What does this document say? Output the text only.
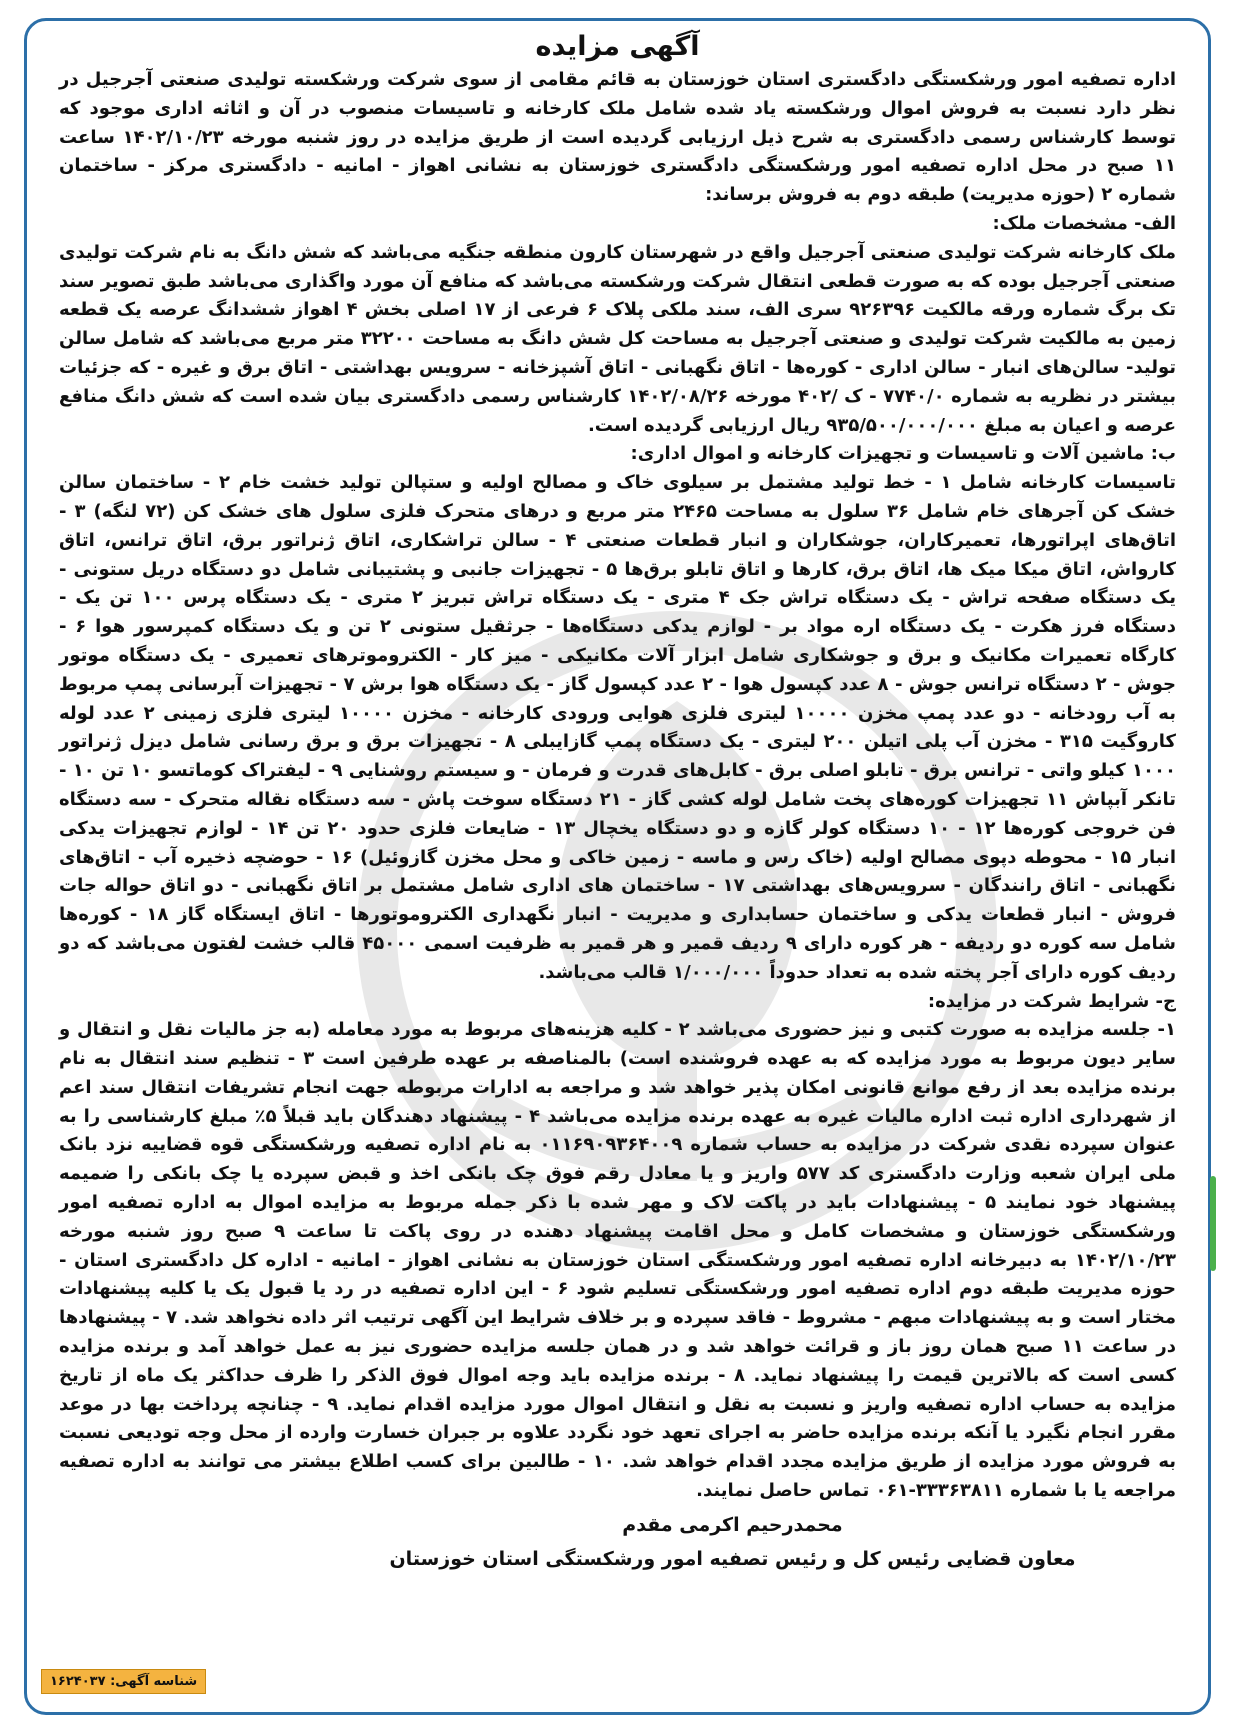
آگهی مزایده

اداره تصفیه امور ورشکستگی دادگستری استان خوزستان به قائم مقامی از سوی شرکت ورشکسته تولیدی صنعتی آجرجیل در نظر دارد نسبت به فروش اموال ورشکسته یاد شده شامل ملک کارخانه و تاسیسات منصوب در آن و اثاثه اداری موجود که توسط کارشناس رسمی دادگستری به شرح ذیل ارزیابی گردیده است از طریق مزایده در روز شنبه مورخه ۱۴۰۲/۱۰/۲۳ ساعت ۱۱ صبح در محل اداره تصفیه امور ورشکستگی دادگستری خوزستان به نشانی اهواز - امانیه - دادگستری مرکز - ساختمان شماره ۲ (حوزه مدیریت) طبقه دوم به فروش برساند:

الف- مشخصات ملک:

ملک کارخانه شرکت تولیدی صنعتی آجرجیل واقع در شهرستان کارون منطقه جنگیه می‌باشد که شش دانگ به نام شرکت تولیدی صنعتی آجرجیل بوده که به صورت قطعی انتقال شرکت ورشکسته می‌باشد که منافع آن مورد واگذاری می‌باشد طبق تصویر سند تک برگ شماره ورقه مالکیت ۹۲۶۳۹۶ سری الف، سند ملکی پلاک ۶ فرعی از ۱۷ اصلی بخش ۴ اهواز ششدانگ عرصه یک قطعه زمین به مالکیت شرکت تولیدی و صنعتی آجرجیل به مساحت کل شش دانگ به مساحت ۳۲۲۰۰ متر مربع می‌باشد که شامل سالن تولید- سالن‌های انبار - سالن اداری - کوره‌ها - اتاق نگهبانی - اتاق آشپزخانه - سرویس بهداشتی - اتاق برق و غیره - که جزئیات بیشتر در نظریه به شماره ۷۷۴۰/۰ - ک /۴۰۲ مورخه ۱۴۰۲/۰۸/۲۶ کارشناس رسمی دادگستری بیان شده است که شش دانگ منافع عرصه و اعیان به مبلغ ۹۳۵/۵۰۰/۰۰۰/۰۰۰ ریال ارزیابی گردیده است.

ب: ماشین آلات و تاسیسات و تجهیزات کارخانه و اموال اداری:

تاسیسات کارخانه شامل ۱ - خط تولید مشتمل بر سیلوی خاک و مصالح اولیه و ستپالن تولید خشت خام ۲ - ساختمان سالن خشک کن آجرهای خام شامل ۳۶ سلول به مساحت ۲۴۶۵ متر مربع و درهای متحرک فلزی سلول های خشک کن (۷۲ لنگه) ۳ - اتاق‌های اپراتورها، تعمیرکاران، جوشکاران و انبار قطعات صنعتی ۴ - سالن تراشکاری، اتاق ژنراتور برق، اتاق ترانس، اتاق کارواش، اتاق میکا میک ها، اتاق برق، کارها و اتاق تابلو برق‌ها ۵ - تجهیزات جانبی و پشتیبانی شامل دو دستگاه دریل ستونی - یک دستگاه صفحه تراش - یک دستگاه تراش جک ۴ متری - یک دستگاه تراش تبریز ۲ متری - یک دستگاه پرس ۱۰۰ تن یک - دستگاه فرز هکرت - یک دستگاه اره مواد بر - لوازم یدکی دستگاه‌ها - جرثقیل ستونی ۲ تن و یک دستگاه کمپرسور هوا ۶ - کارگاه تعمیرات مکانیک و برق و جوشکاری شامل ابزار آلات مکانیکی - میز کار - الکتروموترهای تعمیری - یک دستگاه موتور جوش - ۲ دستگاه ترانس جوش - ۸ عدد کپسول هوا - ۲ عدد کپسول گاز - یک دستگاه هوا برش ۷ - تجهیزات آبرسانی پمپ مربوط به آب رودخانه - دو عدد پمپ مخزن ۱۰۰۰۰ لیتری فلزی هوایی ورودی کارخانه - مخزن ۱۰۰۰۰ لیتری فلزی زمینی ۲ عدد لوله کاروگیت ۳۱۵ - مخزن آب پلی اتیلن ۲۰۰ لیتری - یک دستگاه پمپ گازایبلی ۸ - تجهیزات برق و برق رسانی شامل دیزل ژنراتور ۱۰۰۰ کیلو واتی - ترانس برق - تابلو اصلی برق - کابل‌های قدرت و فرمان - و سیستم روشنایی ۹ - لیفتراک کوماتسو ۱۰ تن ۱۰ - تانکر آبپاش ۱۱ تجهیزات کوره‌های پخت شامل لوله کشی گاز - ۲۱ دستگاه سوخت پاش - سه دستگاه نقاله متحرک - سه دستگاه فن خروجی کوره‌ها ۱۲ - ۱۰ دستگاه کولر گازه و دو دستگاه یخچال ۱۳ - ضایعات فلزی حدود ۲۰ تن ۱۴ - لوازم تجهیزات یدکی انبار ۱۵ - محوطه دپوی مصالح اولیه (خاک رس و ماسه - زمین خاکی و محل مخزن گازوئیل) ۱۶ - حوضچه ذخیره آب - اتاق‌های نگهبانی - اتاق رانندگان - سرویس‌های بهداشتی ۱۷ - ساختمان های اداری شامل مشتمل بر اتاق نگهبانی - دو اتاق حواله جات فروش - انبار قطعات یدکی و ساختمان حسابداری و مدیریت - انبار نگهداری الکتروموتورها - اتاق ایستگاه گاز ۱۸ - کوره‌ها شامل سه کوره دو ردیفه - هر کوره دارای ۹ ردیف قمیر و هر قمیر به ظرفیت اسمی ۴۵۰۰۰ قالب خشت لفتون می‌باشد که دو ردیف کوره دارای آجر پخته شده به تعداد حدوداً ۱/۰۰۰/۰۰۰ قالب می‌باشد.

ج- شرایط شرکت در مزایده:

۱- جلسه مزایده به صورت کتبی و نیز حضوری می‌باشد ۲ - کلیه هزینه‌های مربوط به مورد معامله (به جز مالیات نقل و انتقال و سایر دیون مربوط به مورد مزایده که به عهده فروشنده است) بالمناصفه بر عهده طرفین است ۳ - تنظیم سند انتقال به نام برنده مزایده بعد از رفع موانع قانونی امکان پذیر خواهد شد و مراجعه به ادارات مربوطه جهت انجام تشریفات انتقال سند اعم از شهرداری اداره ثبت اداره مالیات غیره به عهده برنده مزایده می‌باشد ۴ - پیشنهاد دهندگان باید قبلاً ۵٪ مبلغ کارشناسی را به عنوان سپرده نقدی شرکت در مزایده به حساب شماره ۰۱۱۶۹۰۹۳۶۴۰۰۹ به نام اداره تصفیه ورشکستگی قوه قضاییه نزد بانک ملی ایران شعبه وزارت دادگستری کد ۵۷۷ واریز و یا معادل رقم فوق چک بانکی اخذ و قبض سپرده یا چک بانکی را ضمیمه پیشنهاد خود نمایند ۵ - پیشنهادات باید در پاکت لاک و مهر شده با ذکر جمله مربوط به مزایده اموال به اداره تصفیه امور ورشکستگی خوزستان و مشخصات کامل و محل اقامت پیشنهاد دهنده در روی پاکت تا ساعت ۹ صبح روز شنبه مورخه ۱۴۰۲/۱۰/۲۳ به دبیرخانه اداره تصفیه امور ورشکستگی استان خوزستان به نشانی اهواز - امانیه - اداره کل دادگستری استان - حوزه مدیریت طبقه دوم اداره تصفیه امور ورشکستگی تسلیم شود ۶ - این اداره تصفیه در رد یا قبول یک یا کلیه پیشنهادات مختار است و به پیشنهادات مبهم - مشروط - فاقد سپرده و بر خلاف شرایط این آگهی ترتیب اثر داده نخواهد شد. ۷ - پیشنهادها در ساعت ۱۱ صبح همان روز باز و قرائت خواهد شد و در همان جلسه مزایده حضوری نیز به عمل خواهد آمد و برنده مزایده کسی است که بالاترین قیمت را پیشنهاد نماید. ۸ - برنده مزایده باید وجه اموال فوق الذکر را ظرف حداکثر یک ماه از تاریخ مزایده به حساب اداره تصفیه واریز و نسبت به نقل و انتقال اموال مورد مزایده اقدام نماید. ۹ - چنانچه پرداخت بها در موعد مقرر انجام نگیرد یا آنکه برنده مزایده حاضر به اجرای تعهد خود نگردد علاوه بر جبران خسارت وارده از محل وجه تودیعی نسبت به فروش مورد مزایده از طریق مزایده مجدد اقدام خواهد شد. ۱۰ - طالبین برای کسب اطلاع بیشتر می توانند به اداره تصفیه مراجعه یا با شماره ۳۳۳۶۳۸۱۱-۰۶۱ تماس حاصل نمایند.

محمدرحیم اکرمی مقدم
معاون قضایی رئیس کل و رئیس تصفیه امور ورشکستگی استان خوزستان
شناسه آگهی: ۱۶۲۴۰۳۷
